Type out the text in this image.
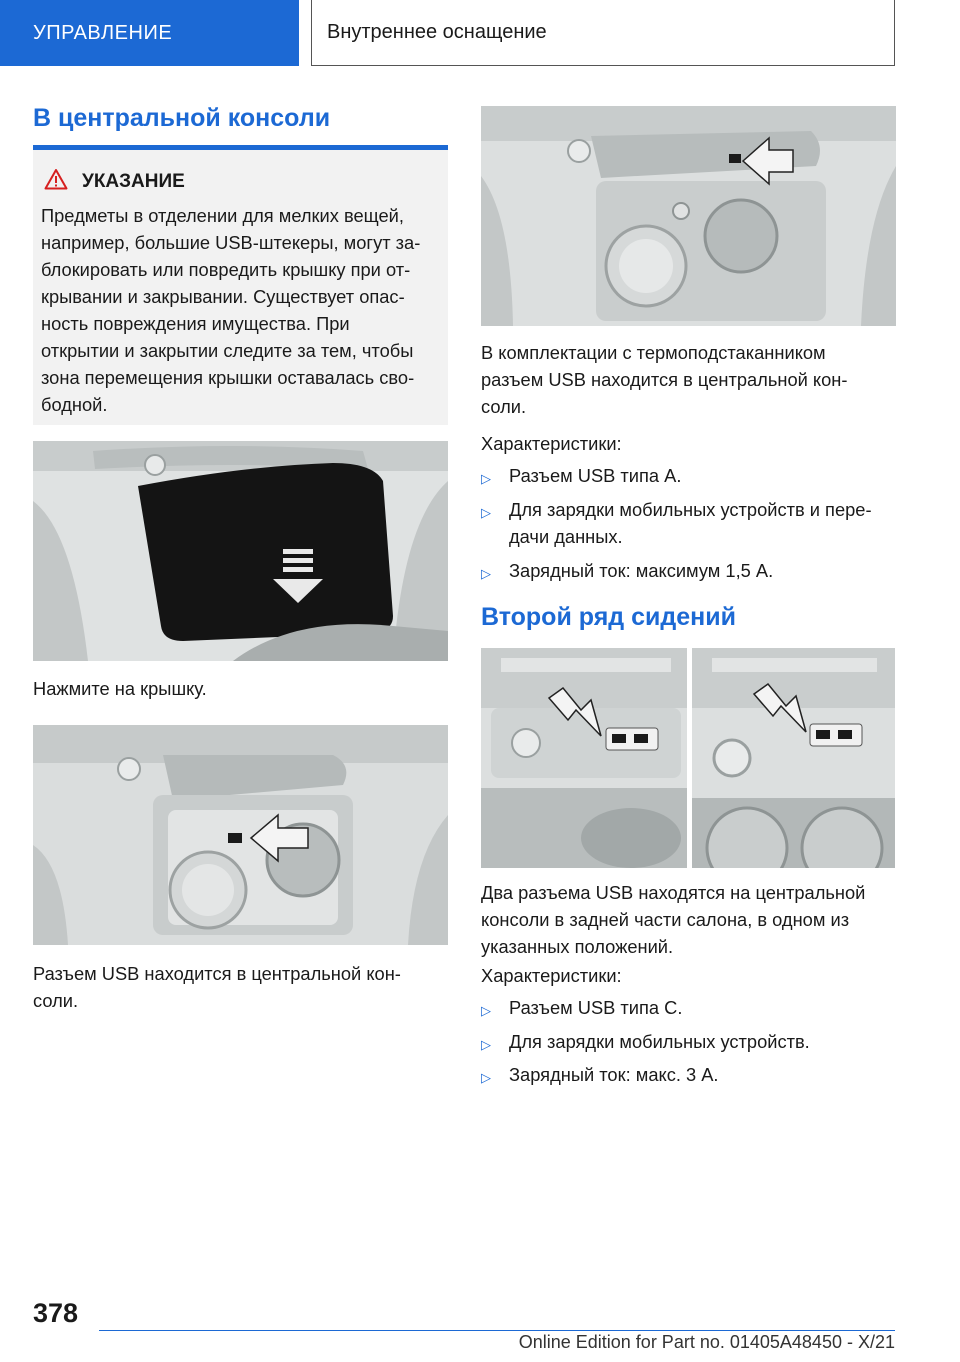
УПРАВЛЕНИЕ	Внутреннее оснащение
В центральной консоли
УКАЗАНИЕ
Предметы в отделении для мелких вещей,
например, большие USB-штекеры, могут за-
блокировать или повредить крышку при от-
крывании и закрывании. Существует опас-
ность повреждения имущества. При
открытии и закрытии следите за тем, чтобы
зона перемещения крышки оставалась сво-
бодной.
Нажмите на крышку.
Разъем USB находится в центральной кон-
соли.
В комплектации с термоподстаканником
разъем USB находится в центральной кон-
соли.
Характеристики:
▷ Разъем USB типа A.
▷ Для зарядки мобильных устройств и пере-
дачи данных.
▷ Зарядный ток: максимум 1,5 A.
Второй ряд сидений
Два разъема USB находятся на центральной
консоли в задней части салона, в одном из
указанных положений.
Характеристики:
▷ Разъем USB типа C.
▷ Для зарядки мобильных устройств.
▷ Зарядный ток: макс. 3 A.
378
Online Edition for Part no. 01405A48450 - X/21
